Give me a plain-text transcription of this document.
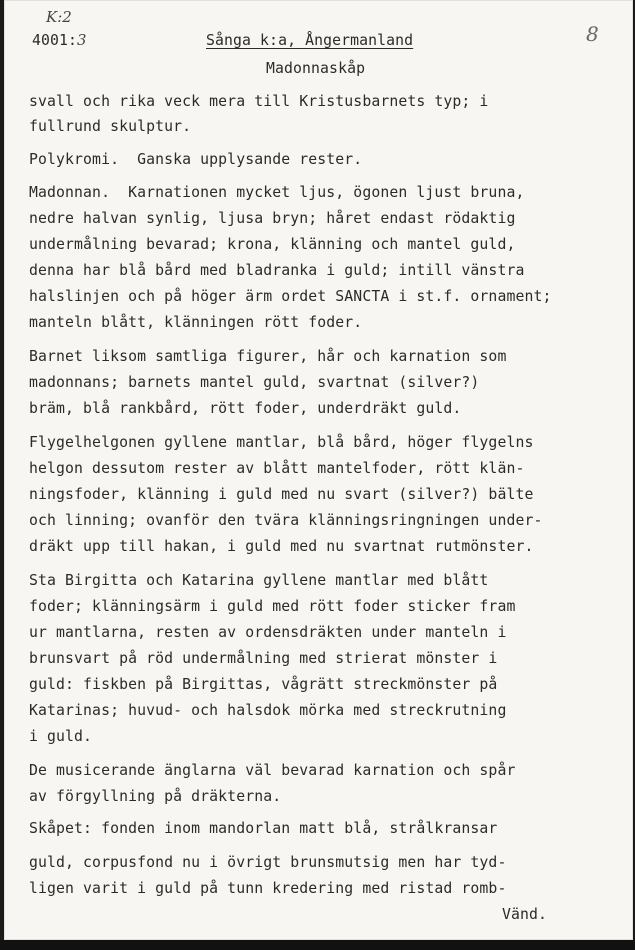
K:2
8
4001:3	Sånga k:a, Ångermanland
Madonnaskåp
svall och rika veck mera till Kristusbarnets typ; i
fullrund skulptur.
Polykromi.  Ganska upplysande rester.
Madonnan.  Karnationen mycket ljus, ögonen ljust bruna,
nedre halvan synlig, ljusa bryn; håret endast rödaktig
undermålning bevarad; krona, klänning och mantel guld,
denna har blå bård med bladranka i guld; intill vänstra
halslinjen och på höger ärm ordet SANCTA i st.f. ornament;
manteln blått, klänningen rött foder.
Barnet liksom samtliga figurer, hår och karnation som
madonnans; barnets mantel guld, svartnat (silver?)
bräm, blå rankbård, rött foder, underdräkt guld.
Flygelhelgonen gyllene mantlar, blå bård, höger flygelns
helgon dessutom rester av blått mantelfoder, rött klän-
ningsfoder, klänning i guld med nu svart (silver?) bälte
och linning; ovanför den tvära klänningsringningen under-
dräkt upp till hakan, i guld med nu svartnat rutmönster.
Sta Birgitta och Katarina gyllene mantlar med blått
foder; klänningsärm i guld med rött foder sticker fram
ur mantlarna, resten av ordensdräkten under manteln i
brunsvart på röd undermålning med strierat mönster i
guld: fiskben på Birgittas, vågrätt streckmönster på
Katarinas; huvud- och halsdok mörka med streckrutning
i guld.
De musicerande änglarna väl bevarad karnation och spår
av förgyllning på dräkterna.
Skåpet: fonden inom mandorlan matt blå, strålkransar
guld, corpusfond nu i övrigt brunsmutsig men har tyd-
ligen varit i guld på tunn kredering med ristad romb-
Vänd.
